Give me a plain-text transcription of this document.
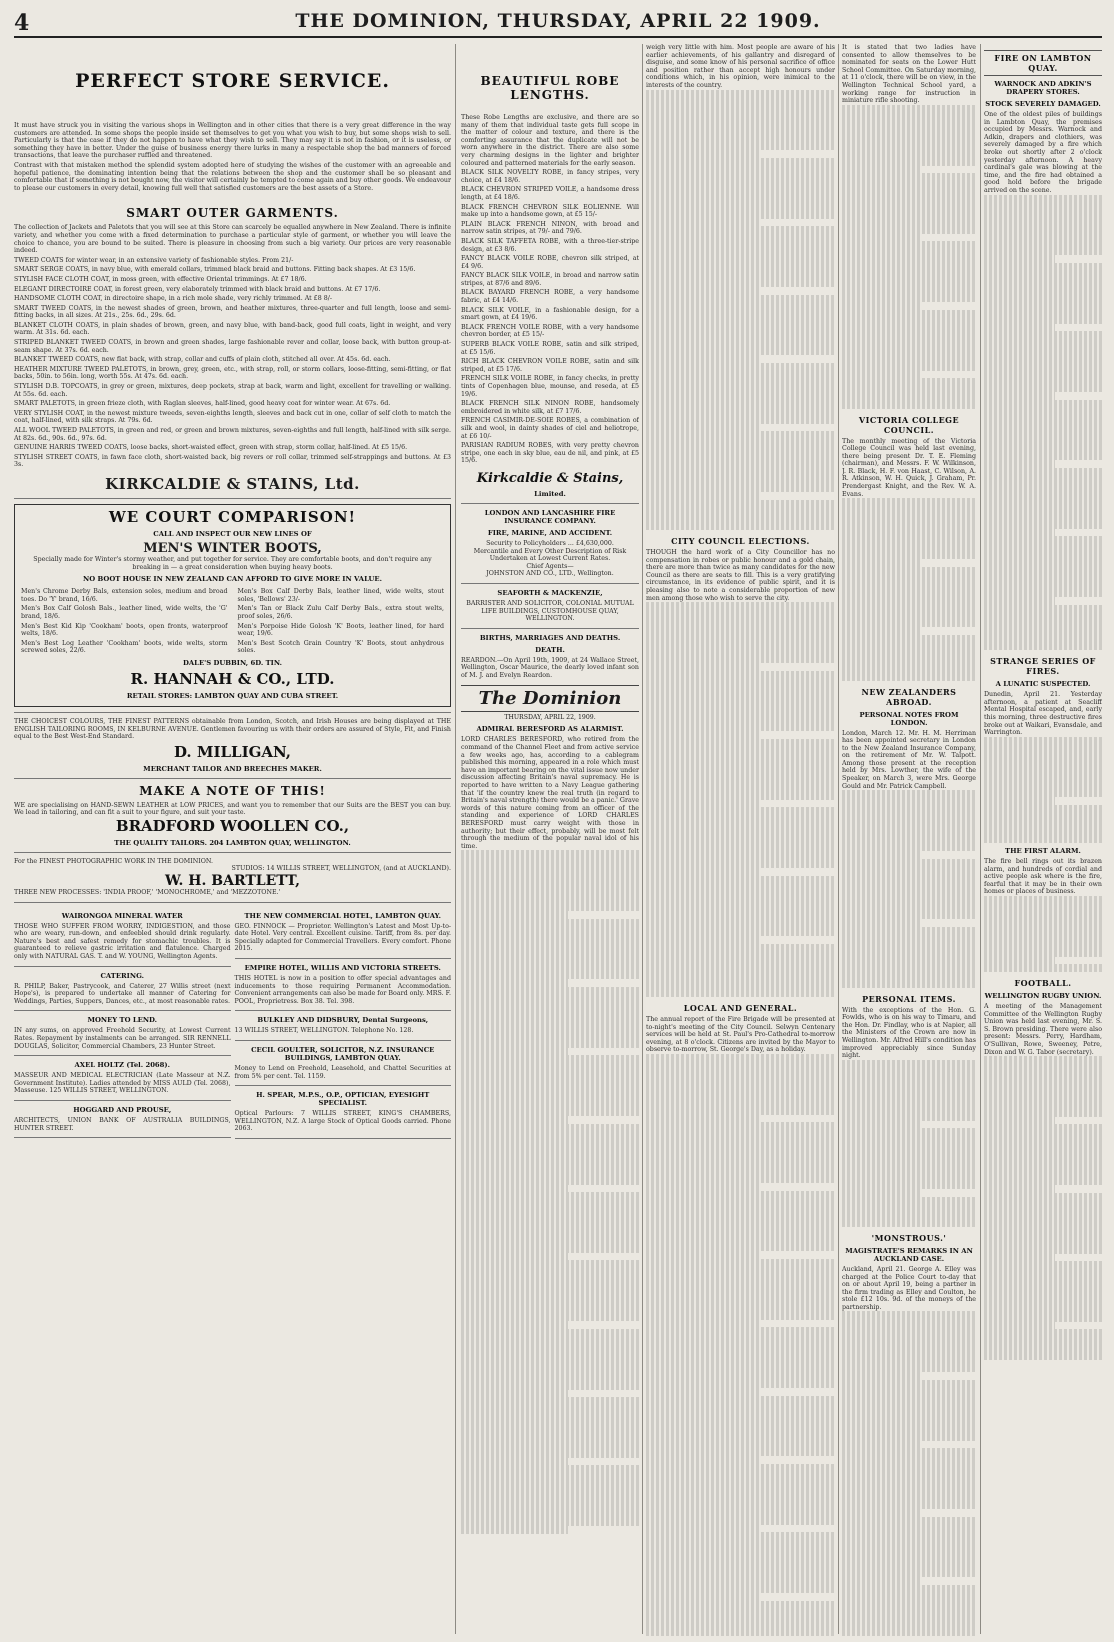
4	THE DOMINION, THURSDAY, APRIL 22 1909.
PERFECT STORE SERVICE.

It must have struck you in visiting the various shops in Wellington and in other cities that there is a very great difference in the way customers are attended. In some shops the people inside set themselves to get you what you wish to buy, but some shops wish to sell. Particularly is that the case if they do not happen to have what they wish to sell. They may say it is not in fashion, or it is useless, or something they have in better. Under the guise of business energy there lurks in many a respectable shop the bad manners of forced transactions, that leave the purchaser ruffled and threatened.

Contrast with that mistaken method the splendid system adopted here of studying the wishes of the customer with an agreeable and hopeful patience, the dominating intention being that the relations between the shop and the customer shall be so pleasant and comfortable that if something is not bought now, the visitor will certainly be tempted to come again and buy other goods. We endeavour to please our customers in every detail, knowing full well that satisfied customers are the best assets of a Store.

SMART OUTER GARMENTS.

The collection of Jackets and Paletots that you will see at this Store can scarcely be equalled anywhere in New Zealand. There is infinite variety, and whether you come with a fixed determination to purchase a particular style of garment, or whether you will leave the choice to chance, you are bound to be suited. There is pleasure in choosing from such a big variety. Our prices are very reasonable indeed.

TWEED COATS for winter wear, in an extensive variety of fashionable styles. From 21/-

SMART SERGE COATS, in navy blue, with emerald collars, trimmed black braid and buttons. Fitting back shapes. At £3 15/6.

STYLISH FACE CLOTH COAT, in moss green, with effective Oriental trimmings. At £7 18/6.

ELEGANT DIRECTOIRE COAT, in forest green, very elaborately trimmed with black braid and buttons. At £7 17/6.

HANDSOME CLOTH COAT, in directoire shape, in a rich mole shade, very richly trimmed. At £8 8/-

SMART TWEED COATS, in the newest shades of green, brown, and heather mixtures, three-quarter and full length, loose and semi-fitting backs, in all sizes. At 21s., 25s. 6d., 29s. 6d.

BLANKET CLOTH COATS, in plain shades of brown, green, and navy blue, with band-back, good full coats, light in weight, and very warm. At 31s. 6d. each.

STRIPED BLANKET TWEED COATS, in brown and green shades, large fashionable rever and collar, loose back, with button group-at-seam shape. At 37s. 6d. each.

BLANKET TWEED COATS, new flat back, with strap, collar and cuffs of plain cloth, stitched all over. At 45s. 6d. each.

HEATHER MIXTURE TWEED PALETOTS, in brown, grey, green, etc., with strap, roll, or storm collars, loose-fitting, semi-fitting, or flat backs, 50in. to 56in. long, worth 55s. At 47s. 6d. each.

STYLISH D.B. TOPCOATS, in grey or green, mixtures, deep pockets, strap at back, warm and light, excellent for travelling or walking. At 55s. 6d. each.

SMART PALETOTS, in green frieze cloth, with Raglan sleeves, half-lined, good heavy coat for winter wear. At 67s. 6d.

VERY STYLISH COAT, in the newest mixture tweeds, seven-eighths length, sleeves and back cut in one, collar of self cloth to match the coat, half-lined, with silk straps. At 79s. 6d.

ALL WOOL TWEED PALETOTS, in green and red, or green and brown mixtures, seven-eighths and full length, half-lined with silk serge. At 82s. 6d., 90s. 6d., 97s. 6d.

GENUINE HARRIS TWEED COATS, loose backs, short-waisted effect, green with strap, storm collar, half-lined. At £5 15/6.

STYLISH STREET COATS, in fawn face cloth, short-waisted back, big revers or roll collar, trimmed self-strappings and buttons. At £3 3s.

KIRKCALDIE & STAINS, Ltd.
WE COURT COMPARISON!
CALL AND INSPECT OUR NEW LINES OF
MEN'S WINTER BOOTS,

Specially made for Winter's stormy weather, and put together for service. They are comfortable boots, and don't require any breaking in — a great consideration when buying heavy boots.

NO BOOT HOUSE IN NEW ZEALAND CAN AFFORD TO GIVE MORE IN VALUE.

Men's Chrome Derby Bals, extension soles, medium and broad toes. Do 'Y' brand, 16/6.

Men's Box Calf Golosh Bals., leather lined, wide welts, the 'G' brand, 18/6.

Men's Best Kid Kip 'Cookham' boots, open fronts, waterproof welts, 18/6.

Men's Best Log Leather 'Cookham' boots, wide welts, storm screwed soles, 22/6.

Men's Box Calf Derby Bals, leather lined, wide welts, stout soles, 'Bellows' 23/-

Men's Tan or Black Zulu Calf Derby Bals., extra stout welts, proof soles, 26/6.

Men's Porpoise Hide Golosh 'K' Boots, leather lined, for hard wear, 19/6.

Men's Best Scotch Grain Country 'K' Boots, stout anhydrous soles.

DALE'S DUBBIN, 6D. TIN.
R. HANNAH & CO., LTD.
RETAIL STORES: LAMBTON QUAY AND CUBA STREET.

THE CHOICEST COLOURS, THE FINEST PATTERNS obtainable from London, Scotch, and Irish Houses are being displayed at THE ENGLISH TAILORING ROOMS, IN KELBURNE AVENUE. Gentlemen favouring us with their orders are assured of Style, Fit, and Finish equal to the Best West-End Standard.

D. MILLIGAN,
MERCHANT TAILOR AND BREECHES MAKER.
MAKE A NOTE OF THIS!

WE are specialising on HAND-SEWN LEATHER at LOW PRICES, and want you to remember that our Suits are the BEST you can buy. We lead in tailoring, and can fit a suit to your figure, and suit your taste.

BRADFORD WOOLLEN CO.,
THE QUALITY TAILORS. 204 LAMBTON QUAY, WELLINGTON.
For the FINEST PHOTOGRAPHIC WORK IN THE DOMINION.
STUDIOS: 14 WILLIS STREET, WELLINGTON, (and at AUCKLAND).
W. H. BARTLETT,
THREE NEW PROCESSES: 'INDIA PROOF,' 'MONOCHROME,' and 'MEZZOTONE.'
WAIRONGOA MINERAL WATER

THOSE WHO SUFFER FROM WORRY, INDIGESTION, and those who are weary, run-down, and enfeebled should drink regularly. Nature's best and safest remedy for stomachic troubles. It is guaranteed to relieve gastric irritation and flatulence. Charged only with NATURAL GAS. T. and W. YOUNG, Wellington Agents.

CATERING.

R. PHILP, Baker, Pastrycook, and Caterer, 27 Willis street (next Hope's), is prepared to undertake all manner of Catering for Weddings, Parties, Suppers, Dances, etc., at most reasonable rates.

MONEY TO LEND.

IN any sums, on approved Freehold Security, at Lowest Current Rates. Repayment by instalments can be arranged. SIR RENNELL DOUGLAS, Solicitor, Commercial Chambers, 23 Hunter Street.

AXEL HOLTZ (Tel. 2068).

MASSEUR AND MEDICAL ELECTRICIAN (Late Masseur at N.Z. Government Institute). Ladies attended by MISS AULD (Tel. 2068), Masseuse. 125 WILLIS STREET, WELLINGTON.

HOGGARD AND PROUSE,

ARCHITECTS, UNION BANK OF AUSTRALIA BUILDINGS, HUNTER STREET.

THE NEW COMMERCIAL HOTEL, LAMBTON QUAY.

GEO. FINNOCK — Proprietor. Wellington's Latest and Most Up-to-date Hotel. Very central. Excellent cuisine. Tariff, from 8s. per day. Specially adapted for Commercial Travellers. Every comfort. Phone 2015.

EMPIRE HOTEL, WILLIS AND VICTORIA STREETS.

THIS HOTEL is now in a position to offer special advantages and inducements to those requiring Permanent Accommodation. Convenient arrangements can also be made for Board only. MRS. F. POOL, Proprietress. Box 38. Tel. 398.

BULKLEY AND DIDSBURY, Dental Surgeons,

13 WILLIS STREET, WELLINGTON. Telephone No. 128.

CECIL GOULTER, SOLICITOR, N.Z. INSURANCE BUILDINGS, LAMBTON QUAY.

Money to Lend on Freehold, Leasehold, and Chattel Securities at from 5% per cent. Tel. 1159.

H. SPEAR, M.P.S., O.P., OPTICIAN, EYESIGHT SPECIALIST.

Optical Parlours: 7 WILLIS STREET, KING'S CHAMBERS, WELLINGTON, N.Z. A large Stock of Optical Goods carried. Phone 2063.

BEAUTIFUL ROBE LENGTHS.

These Robe Lengths are exclusive, and there are so many of them that individual taste gets full scope in the matter of colour and texture, and there is the comforting assurance that the duplicate will not be worn anywhere in the district. There are also some very charming designs in the lighter and brighter coloured and patterned materials for the early season.

BLACK SILK NOVELTY ROBE, in fancy stripes, very choice, at £4 18/6.

BLACK CHEVRON STRIPED VOILE, a handsome dress length, at £4 18/6.

BLACK FRENCH CHEVRON SILK EOLIENNE. Will make up into a handsome gown, at £5 15/-

PLAIN BLACK FRENCH NINON, with broad and narrow satin stripes, at 79/- and 79/6.

BLACK SILK TAFFETA ROBE, with a three-tier-stripe design, at £3 8/6.

FANCY BLACK VOILE ROBE, chevron silk striped, at £4 9/6.

FANCY BLACK SILK VOILE, in broad and narrow satin stripes, at 87/6 and 89/6.

BLACK BAYARD FRENCH ROBE, a very handsome fabric, at £4 14/6.

BLACK SILK VOILE, in a fashionable design, for a smart gown, at £4 19/6.

BLACK FRENCH VOILE ROBE, with a very handsome chevron border, at £5 15/-

SUPERB BLACK VOILE ROBE, satin and silk striped, at £5 15/6.

RICH BLACK CHEVRON VOILE ROBE, satin and silk striped, at £5 17/6.

FRENCH SILK VOILE ROBE, in fancy checks, in pretty tints of Copenhagen blue, mounse, and reseda, at £5 19/6.

BLACK FRENCH SILK NINON ROBE, handsomely embroidered in white silk, at £7 17/6.

FRENCH CASIMIR-DE-SOIE ROBES, a combination of silk and wool, in dainty shades of ciel and heliotrope, at £6 10/-

PARISIAN RADIUM ROBES, with very pretty chevron stripe, one each in sky blue, eau de nil, and pink, at £5 15/6.

Kirkcaldie & Stains,
Limited.
LONDON AND LANCASHIRE FIRE INSURANCE COMPANY.
FIRE, MARINE, AND ACCIDENT.
Security to Policyholders ... £4,630,000.
Mercantile and Every Other Description of Risk Undertaken at Lowest Current Rates.
Chief Agents—
JOHNSTON AND CO., LTD., Wellington.
SEAFORTH & MACKENZIE,
BARRISTER AND SOLICITOR, COLONIAL MUTUAL LIFE BUILDINGS, CUSTOMHOUSE QUAY, WELLINGTON.
BIRTHS, MARRIAGES AND DEATHS.
DEATH.

REARDON.—On April 19th, 1909, at 24 Wallace Street, Wellington, Oscar Maurice, the dearly loved infant son of M. J. and Evelyn Reardon.

The Dominion
THURSDAY, APRIL 22, 1909.
ADMIRAL BERESFORD AS ALARMIST.

LORD CHARLES BERESFORD, who retired from the command of the Channel Fleet and from active service a few weeks ago, has, according to a cablegram published this morning, appeared in a role which must have an important bearing on the vital issue now under discussion affecting Britain's naval supremacy. He is reported to have written to a Navy League gathering that 'if the country knew the real truth (in regard to Britain's naval strength) there would be a panic.' Grave words of this nature coming from an officer of the standing and experience of LORD CHARLES BERESFORD must carry weight with those in authority; but their effect, probably, will be most felt through the medium of the popular naval idol of his time.

weigh very little with him. Most people are aware of his earlier achievements, of his gallantry and disregard of disguise, and some know of his personal sacrifice of office and position rather than accept high honours under conditions which, in his opinion, were inimical to the interests of the country.

CITY COUNCIL ELECTIONS.

THOUGH the hard work of a City Councillor has no compensation in robes or public honour and a gold chain, there are more than twice as many candidates for the new Council as there are seats to fill. This is a very gratifying circumstance, in its evidence of public spirit, and it is pleasing also to note a considerable proportion of new men among those who wish to serve the city.

LOCAL AND GENERAL.

The annual report of the Fire Brigade will be presented at to-night's meeting of the City Council. Selwyn Centenary services will be held at St. Paul's Pro-Cathedral to-morrow evening, at 8 o'clock. Citizens are invited by the Mayor to observe to-morrow, St. George's Day, as a holiday.

It is stated that two ladies have consented to allow themselves to be nominated for seats on the Lower Hutt School Committee. On Saturday morning, at 11 o'clock, there will be on view, in the Wellington Technical School yard, a working range for instruction in miniature rifle shooting.

VICTORIA COLLEGE COUNCIL.

The monthly meeting of the Victoria College Council was held last evening, there being present Dr. T. E. Fleming (chairman), and Messrs. F. W. Wilkinson, J. R. Black, H. F. von Haast, C. Wilson, A. R. Atkinson, W. H. Quick, J. Graham, Pr. Prendergast Knight, and the Rev. W. A. Evans.

NEW ZEALANDERS ABROAD.
PERSONAL NOTES FROM LONDON.

London, March 12. Mr. H. M. Herriman has been appointed secretary in London to the New Zealand Insurance Company, on the retirement of Mr. W. Talpott. Among those present at the reception held by Mrs. Lowther, the wife of the Speaker, on March 3, were Mrs. George Gould and Mr. Patrick Campbell.

PERSONAL ITEMS.

With the exceptions of the Hon. G. Fowlds, who is on his way to Timaru, and the Hon. Dr. Findlay, who is at Napier, all the Ministers of the Crown are now in Wellington. Mr. Alfred Hill's condition has improved appreciably since Sunday night.

'MONSTROUS.'
MAGISTRATE'S REMARKS IN AN AUCKLAND CASE.

Auckland, April 21. George A. Elley was charged at the Police Court to-day that on or about April 19, being a partner in the firm trading as Elley and Coulton, he stole £12 10s. 9d. of the moneys of the partnership.

FIRE ON LAMBTON QUAY.
WARNOCK AND ADKIN'S DRAPERY STORES.
STOCK SEVERELY DAMAGED.

One of the oldest piles of buildings in Lambton Quay, the premises occupied by Messrs. Warnock and Adkin, drapers and clothiers, was severely damaged by a fire which broke out shortly after 2 o'clock yesterday afternoon. A heavy cardinal's gale was blowing at the time, and the fire had obtained a good hold before the brigade arrived on the scene.

STRANGE SERIES OF FIRES.
A LUNATIC SUSPECTED.

Dunedin, April 21. Yesterday afternoon, a patient at Seacliff Mental Hospital escaped, and, early this morning, three destructive fires broke out at Waikari, Evansdale, and Warrington.

THE FIRST ALARM.

The fire bell rings out its brazen alarm, and hundreds of cordial and active people ask where is the fire, fearful that it may be in their own homes or places of business.

FOOTBALL.
WELLINGTON RUGBY UNION.

A meeting of the Management Committee of the Wellington Rugby Union was held last evening, Mr. S. S. Brown presiding. There were also present: Messrs. Perry, Hardham, O'Sullivan, Rowe, Sweeney, Petre, Dixon and W. G. Tabor (secretary).
